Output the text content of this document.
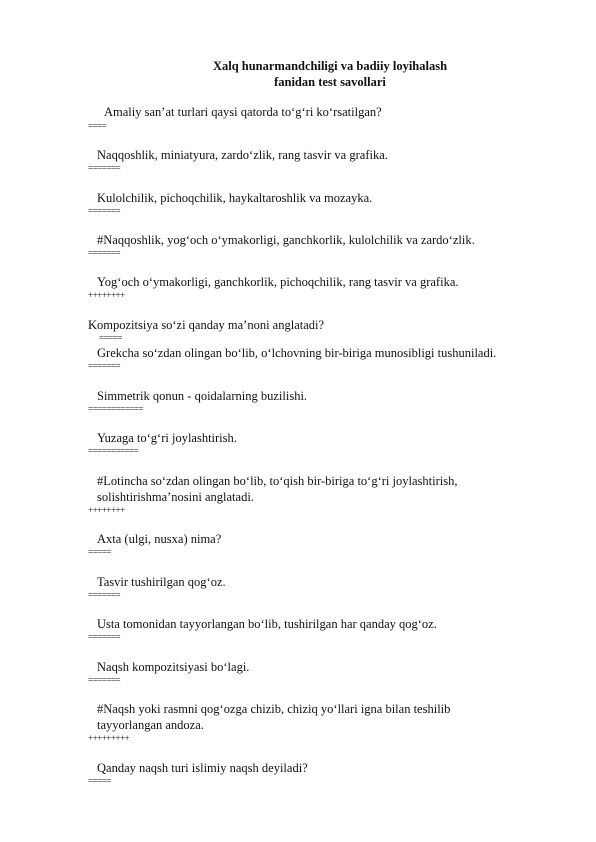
Xalq hunarmandchiligi va badiiy loyihalash
fanidan test savollari
Amaliy san’at turlari qaysi qatorda to‘g‘ri ko‘rsatilgan?
====
Naqqoshlik, miniatyura, zardo‘zlik, rang tasvir va grafika.
=======
Kulolchilik, pichoqchilik, haykaltaroshlik va mozayka.
=======
#Naqqoshlik, yog‘och o‘ymakorligi, ganchkorlik, kulolchilik va zardo‘zlik.
=======
Yog‘och o‘ymakorligi, ganchkorlik, pichoqchilik, rang tasvir va grafika.
++++++++
Kompozitsiya so‘zi qanday ma’noni anglatadi?
=====
Grekcha so‘zdan olingan bo‘lib, o‘lchovning bir-biriga munosibligi tushuniladi.
=======
Simmetrik qonun - qoidalarning buzilishi.
============
Yuzaga to‘g‘ri joylashtirish.
===========
#Lotincha so‘zdan olingan bo‘lib, to‘qish bir-biriga to‘g‘ri joylashtirish,
solishtirishma’nosini anglatadi.
++++++++
Axta (ulgi, nusxa) nima?
=====
Tasvir tushirilgan qog‘oz.
=======
Usta tomonidan tayyorlangan bo‘lib, tushirilgan har qanday qog‘oz.
=======
Naqsh kompozitsiyasi bo‘lagi.
=======
#Naqsh yoki rasmni qog‘ozga chizib, chiziq yo‘llari igna bilan teshilib
tayyorlangan andoza.
+++++++++
Qanday naqsh turi islimiy naqsh deyiladi?
=====
